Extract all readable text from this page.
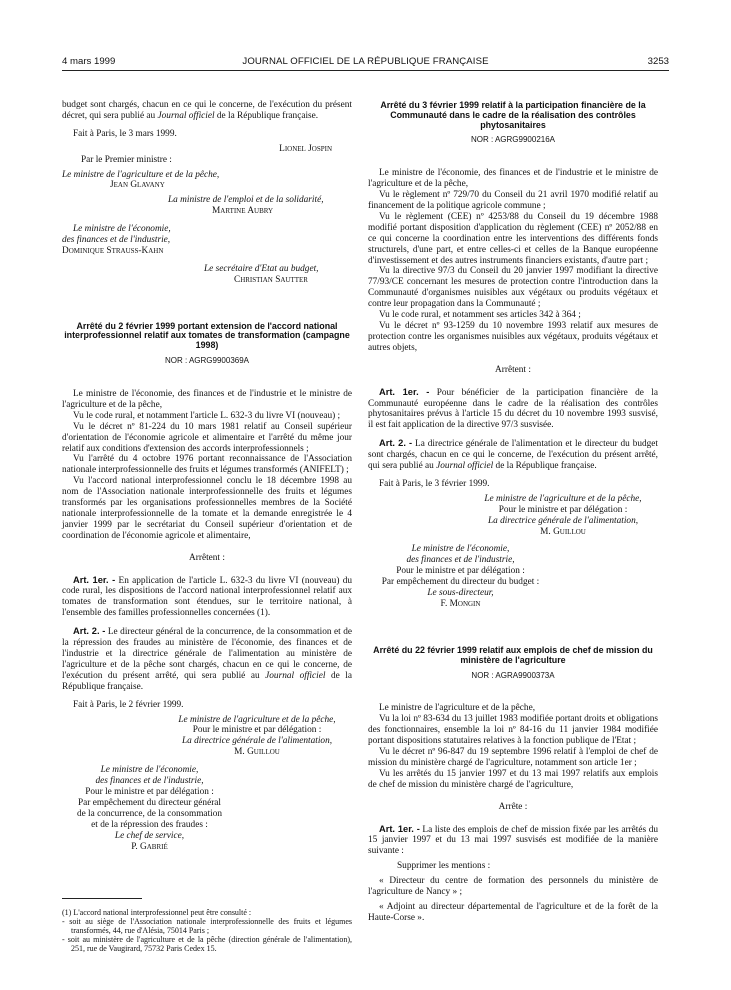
4 mars 1999	JOURNAL OFFICIEL DE LA RÉPUBLIQUE FRANÇAISE	3253

budget sont chargés, chacun en ce qui le concerne, de l'exécution du présent décret, qui sera publié au Journal officiel de la République française.

Fait à Paris, le 3 mars 1999.

Lionel Jospin

Par le Premier ministre :

Le ministre de l'agriculture et de la pêche,

Jean Glavany

La ministre de l'emploi et de la solidarité,

Martine Aubry

Le ministre de l'économie,

des finances et de l'industrie,

Dominique Strauss-Kahn

Le secrétaire d'Etat au budget,

Christian Sautter

Arrêté du 2 février 1999 portant extension de l'accord national interprofessionnel relatif aux tomates de transformation (campagne 1998)

NOR : AGRG9900369A

Le ministre de l'économie, des finances et de l'industrie et le ministre de l'agriculture et de la pêche,

Vu le code rural, et notamment l'article L. 632-3 du livre VI (nouveau) ;

Vu le décret nº 81-224 du 10 mars 1981 relatif au Conseil supérieur d'orientation de l'économie agricole et alimentaire et l'arrêté du même jour relatif aux conditions d'extension des accords interprofessionnels ;

Vu l'arrêté du 4 octobre 1976 portant reconnaissance de l'Association nationale interprofessionnelle des fruits et légumes transformés (ANIFELT) ;

Vu l'accord national interprofessionnel conclu le 18 décembre 1998 au nom de l'Association nationale interprofessionnelle des fruits et légumes transformés par les organisations professionnelles membres de la Société nationale interprofessionnelle de la tomate et la demande enregistrée le 4 janvier 1999 par le secrétariat du Conseil supérieur d'orientation et de coordination de l'économie agricole et alimentaire,

Arrêtent :

Art. 1er. - En application de l'article L. 632-3 du livre VI (nouveau) du code rural, les dispositions de l'accord national interprofessionnel relatif aux tomates de transformation sont étendues, sur le territoire national, à l'ensemble des familles professionnelles concernées (1).

Art. 2. - Le directeur général de la concurrence, de la consommation et de la répression des fraudes au ministère de l'économie, des finances et de l'industrie et la directrice générale de l'alimentation au ministère de l'agriculture et de la pêche sont chargés, chacun en ce qui le concerne, de l'exécution du présent arrêté, qui sera publié au Journal officiel de la République française.

Fait à Paris, le 2 février 1999.

Le ministre de l'agriculture et de la pêche,

Pour le ministre et par délégation :

La directrice générale de l'alimentation,

M. Guillou

Le ministre de l'économie,

des finances et de l'industrie,

Pour le ministre et par délégation :

Par empêchement du directeur général

de la concurrence, de la consommation

et de la répression des fraudes :

Le chef de service,

P. Gabrié

(1) L'accord national interprofessionnel peut être consulté :

- soit au siège de l'Association nationale interprofessionnelle des fruits et légumes transformés, 44, rue d'Alésia, 75014 Paris ;

- soit au ministère de l'agriculture et de la pêche (direction générale de l'alimentation), 251, rue de Vaugirard, 75732 Paris Cedex 15.

Arrêté du 3 février 1999 relatif à la participation financière de la Communauté dans le cadre de la réalisation des contrôles phytosanitaires

NOR : AGRG9900216A

Le ministre de l'économie, des finances et de l'industrie et le ministre de l'agriculture et de la pêche,

Vu le règlement nº 729/70 du Conseil du 21 avril 1970 modifié relatif au financement de la politique agricole commune ;

Vu le règlement (CEE) nº 4253/88 du Conseil du 19 décembre 1988 modifié portant disposition d'application du règlement (CEE) nº 2052/88 en ce qui concerne la coordination entre les interventions des différents fonds structurels, d'une part, et entre celles-ci et celles de la Banque européenne d'investissement et des autres instruments financiers existants, d'autre part ;

Vu la directive 97/3 du Conseil du 20 janvier 1997 modifiant la directive 77/93/CE concernant les mesures de protection contre l'introduction dans la Communauté d'organismes nuisibles aux végétaux ou produits végétaux et contre leur propagation dans la Communauté ;

Vu le code rural, et notamment ses articles 342 à 364 ;

Vu le décret nº 93-1259 du 10 novembre 1993 relatif aux mesures de protection contre les organismes nuisibles aux végétaux, produits végétaux et autres objets,

Arrêtent :

Art. 1er. - Pour bénéficier de la participation financière de la Communauté européenne dans le cadre de la réalisation des contrôles phytosanitaires prévus à l'article 15 du décret du 10 novembre 1993 susvisé, il est fait application de la directive 97/3 susvisée.

Art. 2. - La directrice générale de l'alimentation et le directeur du budget sont chargés, chacun en ce qui le concerne, de l'exécution du présent arrêté, qui sera publié au Journal officiel de la République française.

Fait à Paris, le 3 février 1999.

Le ministre de l'agriculture et de la pêche,

Pour le ministre et par délégation :

La directrice générale de l'alimentation,

M. Guillou

Le ministre de l'économie,

des finances et de l'industrie,

Pour le ministre et par délégation :

Par empêchement du directeur du budget :

Le sous-directeur,

F. Mongin

Arrêté du 22 février 1999 relatif aux emplois de chef de mission du ministère de l'agriculture

NOR : AGRA9900373A

Le ministre de l'agriculture et de la pêche,

Vu la loi nº 83-634 du 13 juillet 1983 modifiée portant droits et obligations des fonctionnaires, ensemble la loi nº 84-16 du 11 janvier 1984 modifiée portant dispositions statutaires relatives à la fonction publique de l'Etat ;

Vu le décret nº 96-847 du 19 septembre 1996 relatif à l'emploi de chef de mission du ministère chargé de l'agriculture, notamment son article 1er ;

Vu les arrêtés du 15 janvier 1997 et du 13 mai 1997 relatifs aux emplois de chef de mission du ministère chargé de l'agriculture,

Arrête :

Art. 1er. - La liste des emplois de chef de mission fixée par les arrêtés du 15 janvier 1997 et du 13 mai 1997 susvisés est modifiée de la manière suivante :

Supprimer les mentions :

« Directeur du centre de formation des personnels du ministère de l'agriculture de Nancy » ;

« Adjoint au directeur départemental de l'agriculture et de la forêt de la Haute-Corse ».
